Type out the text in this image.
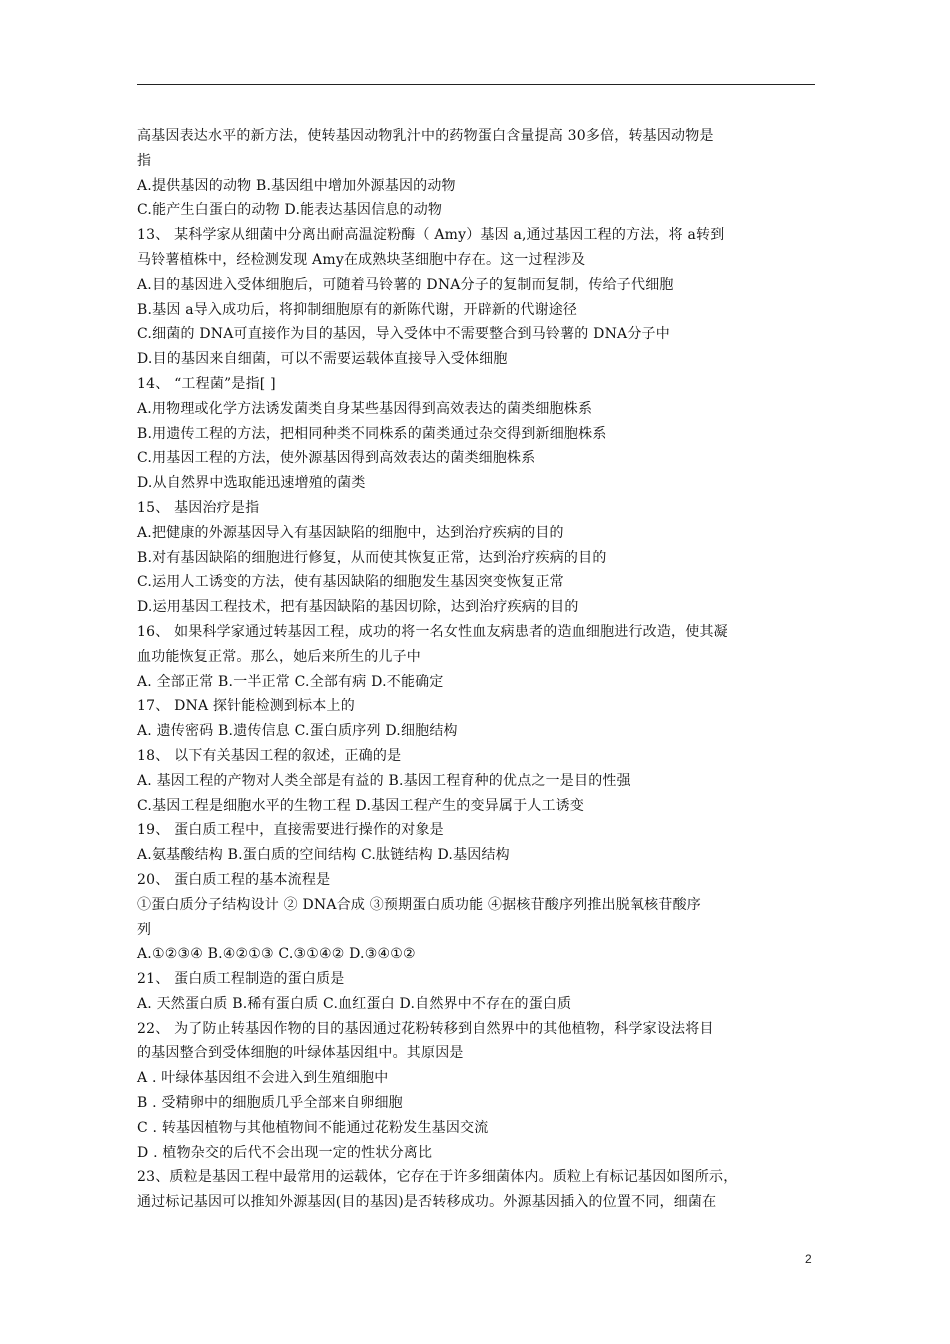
高基因表达水平的新方法，使转基因动物乳汁中的药物蛋白含量提高 30多倍，转基因动物是
指
A.提供基因的动物 B.基因组中增加外源基因的动物
C.能产生白蛋白的动物 D.能表达基因信息的动物
13、 某科学家从细菌中分离出耐高温淀粉酶（ Amy）基因 a,通过基因工程的方法，将 a转到
马铃薯植株中，经检测发现 Amy在成熟块茎细胞中存在。这一过程涉及
A.目的基因进入受体细胞后，可随着马铃薯的 DNA分子的复制而复制，传给子代细胞
B.基因 a导入成功后，将抑制细胞原有的新陈代谢，开辟新的代谢途径
C.细菌的 DNA可直接作为目的基因，导入受体中不需要整合到马铃薯的 DNA分子中
D.目的基因来自细菌，可以不需要运载体直接导入受体细胞
14、 “工程菌”是指[ ]
A.用物理或化学方法诱发菌类自身某些基因得到高效表达的菌类细胞株系
B.用遗传工程的方法，把相同种类不同株系的菌类通过杂交得到新细胞株系
C.用基因工程的方法，使外源基因得到高效表达的菌类细胞株系
D.从自然界中选取能迅速增殖的菌类
15、 基因治疗是指
A.把健康的外源基因导入有基因缺陷的细胞中，达到治疗疾病的目的
B.对有基因缺陷的细胞进行修复，从而使其恢复正常，达到治疗疾病的目的
C.运用人工诱变的方法，使有基因缺陷的细胞发生基因突变恢复正常
D.运用基因工程技术，把有基因缺陷的基因切除，达到治疗疾病的目的
16、 如果科学家通过转基因工程，成功的将一名女性血友病患者的造血细胞进行改造，使其凝
血功能恢复正常。那么，她后来所生的儿子中
A. 全部正常 B.一半正常 C.全部有病 D.不能确定
17、 DNA 探针能检测到标本上的
A. 遗传密码 B.遗传信息 C.蛋白质序列 D.细胞结构
18、 以下有关基因工程的叙述，正确的是
A. 基因工程的产物对人类全部是有益的 B.基因工程育种的优点之一是目的性强
C.基因工程是细胞水平的生物工程 D.基因工程产生的变异属于人工诱变
19、 蛋白质工程中，直接需要进行操作的对象是
A.氨基酸结构 B.蛋白质的空间结构 C.肽链结构 D.基因结构
20、 蛋白质工程的基本流程是
①蛋白质分子结构设计 ② DNA合成 ③预期蛋白质功能 ④据核苷酸序列推出脱氧核苷酸序
列
A.①②③④ B.④②①③ C.③①④② D.③④①②
21、 蛋白质工程制造的蛋白质是
A. 天然蛋白质 B.稀有蛋白质 C.血红蛋白 D.自然界中不存在的蛋白质
22、 为了防止转基因作物的目的基因通过花粉转移到自然界中的其他植物，科学家设法将目
的基因整合到受体细胞的叶绿体基因组中。其原因是
A . 叶绿体基因组不会进入到生殖细胞中
B . 受精卵中的细胞质几乎全部来自卵细胞
C . 转基因植物与其他植物间不能通过花粉发生基因交流
D . 植物杂交的后代不会出现一定的性状分离比
23、质粒是基因工程中最常用的运载体，它存在于许多细菌体内。质粒上有标记基因如图所示，
通过标记基因可以推知外源基因(目的基因)是否转移成功。外源基因插入的位置不同，细菌在
2
